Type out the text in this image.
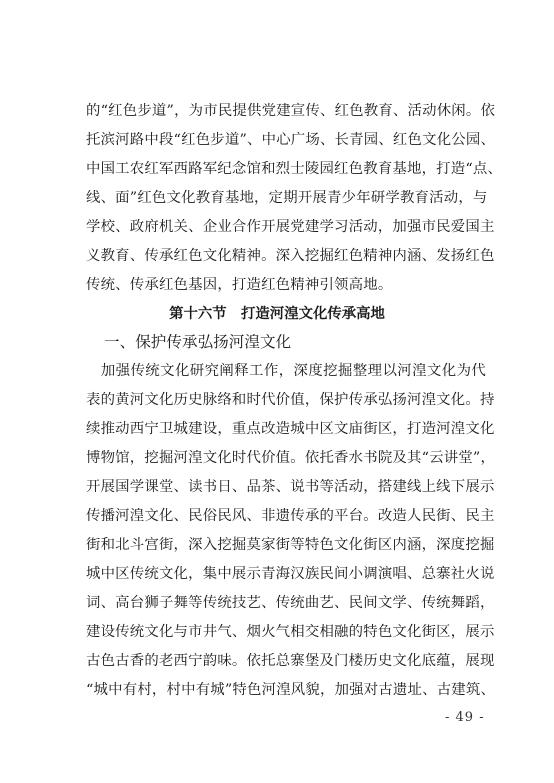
的“红色步道”，为市民提供党建宣传、红色教育、活动休闲。依
托滨河路中段“红色步道”、中心广场、长青园、红色文化公园、
中国工农红军西路军纪念馆和烈士陵园红色教育基地，打造“点、
线、面”红色文化教育基地，定期开展青少年研学教育活动，与
学校、政府机关、企业合作开展党建学习活动，加强市民爱国主
义教育、传承红色文化精神。深入挖掘红色精神内涵、发扬红色
传统、传承红色基因，打造红色精神引领高地。
第十六节　打造河湟文化传承高地
一、保护传承弘扬河湟文化
　加强传统文化研究阐释工作，深度挖掘整理以河湟文化为代
表的黄河文化历史脉络和时代价值，保护传承弘扬河湟文化。持
续推动西宁卫城建设，重点改造城中区文庙街区，打造河湟文化
博物馆，挖掘河湟文化时代价值。依托香水书院及其“云讲堂”，
开展国学课堂、读书日、品茶、说书等活动，搭建线上线下展示
传播河湟文化、民俗民风、非遗传承的平台。改造人民街、民主
街和北斗宫街，深入挖掘莫家街等特色文化街区内涵，深度挖掘
城中区传统文化，集中展示青海汉族民间小调演唱、总寨社火说
词、高台狮子舞等传统技艺、传统曲艺、民间文学、传统舞蹈，
建设传统文化与市井气、烟火气相交相融的特色文化街区，展示
古色古香的老西宁韵味。依托总寨堡及门楼历史文化底蕴，展现
“城中有村，村中有城”特色河湟风貌，加强对古遗址、古建筑、
- 49 -
